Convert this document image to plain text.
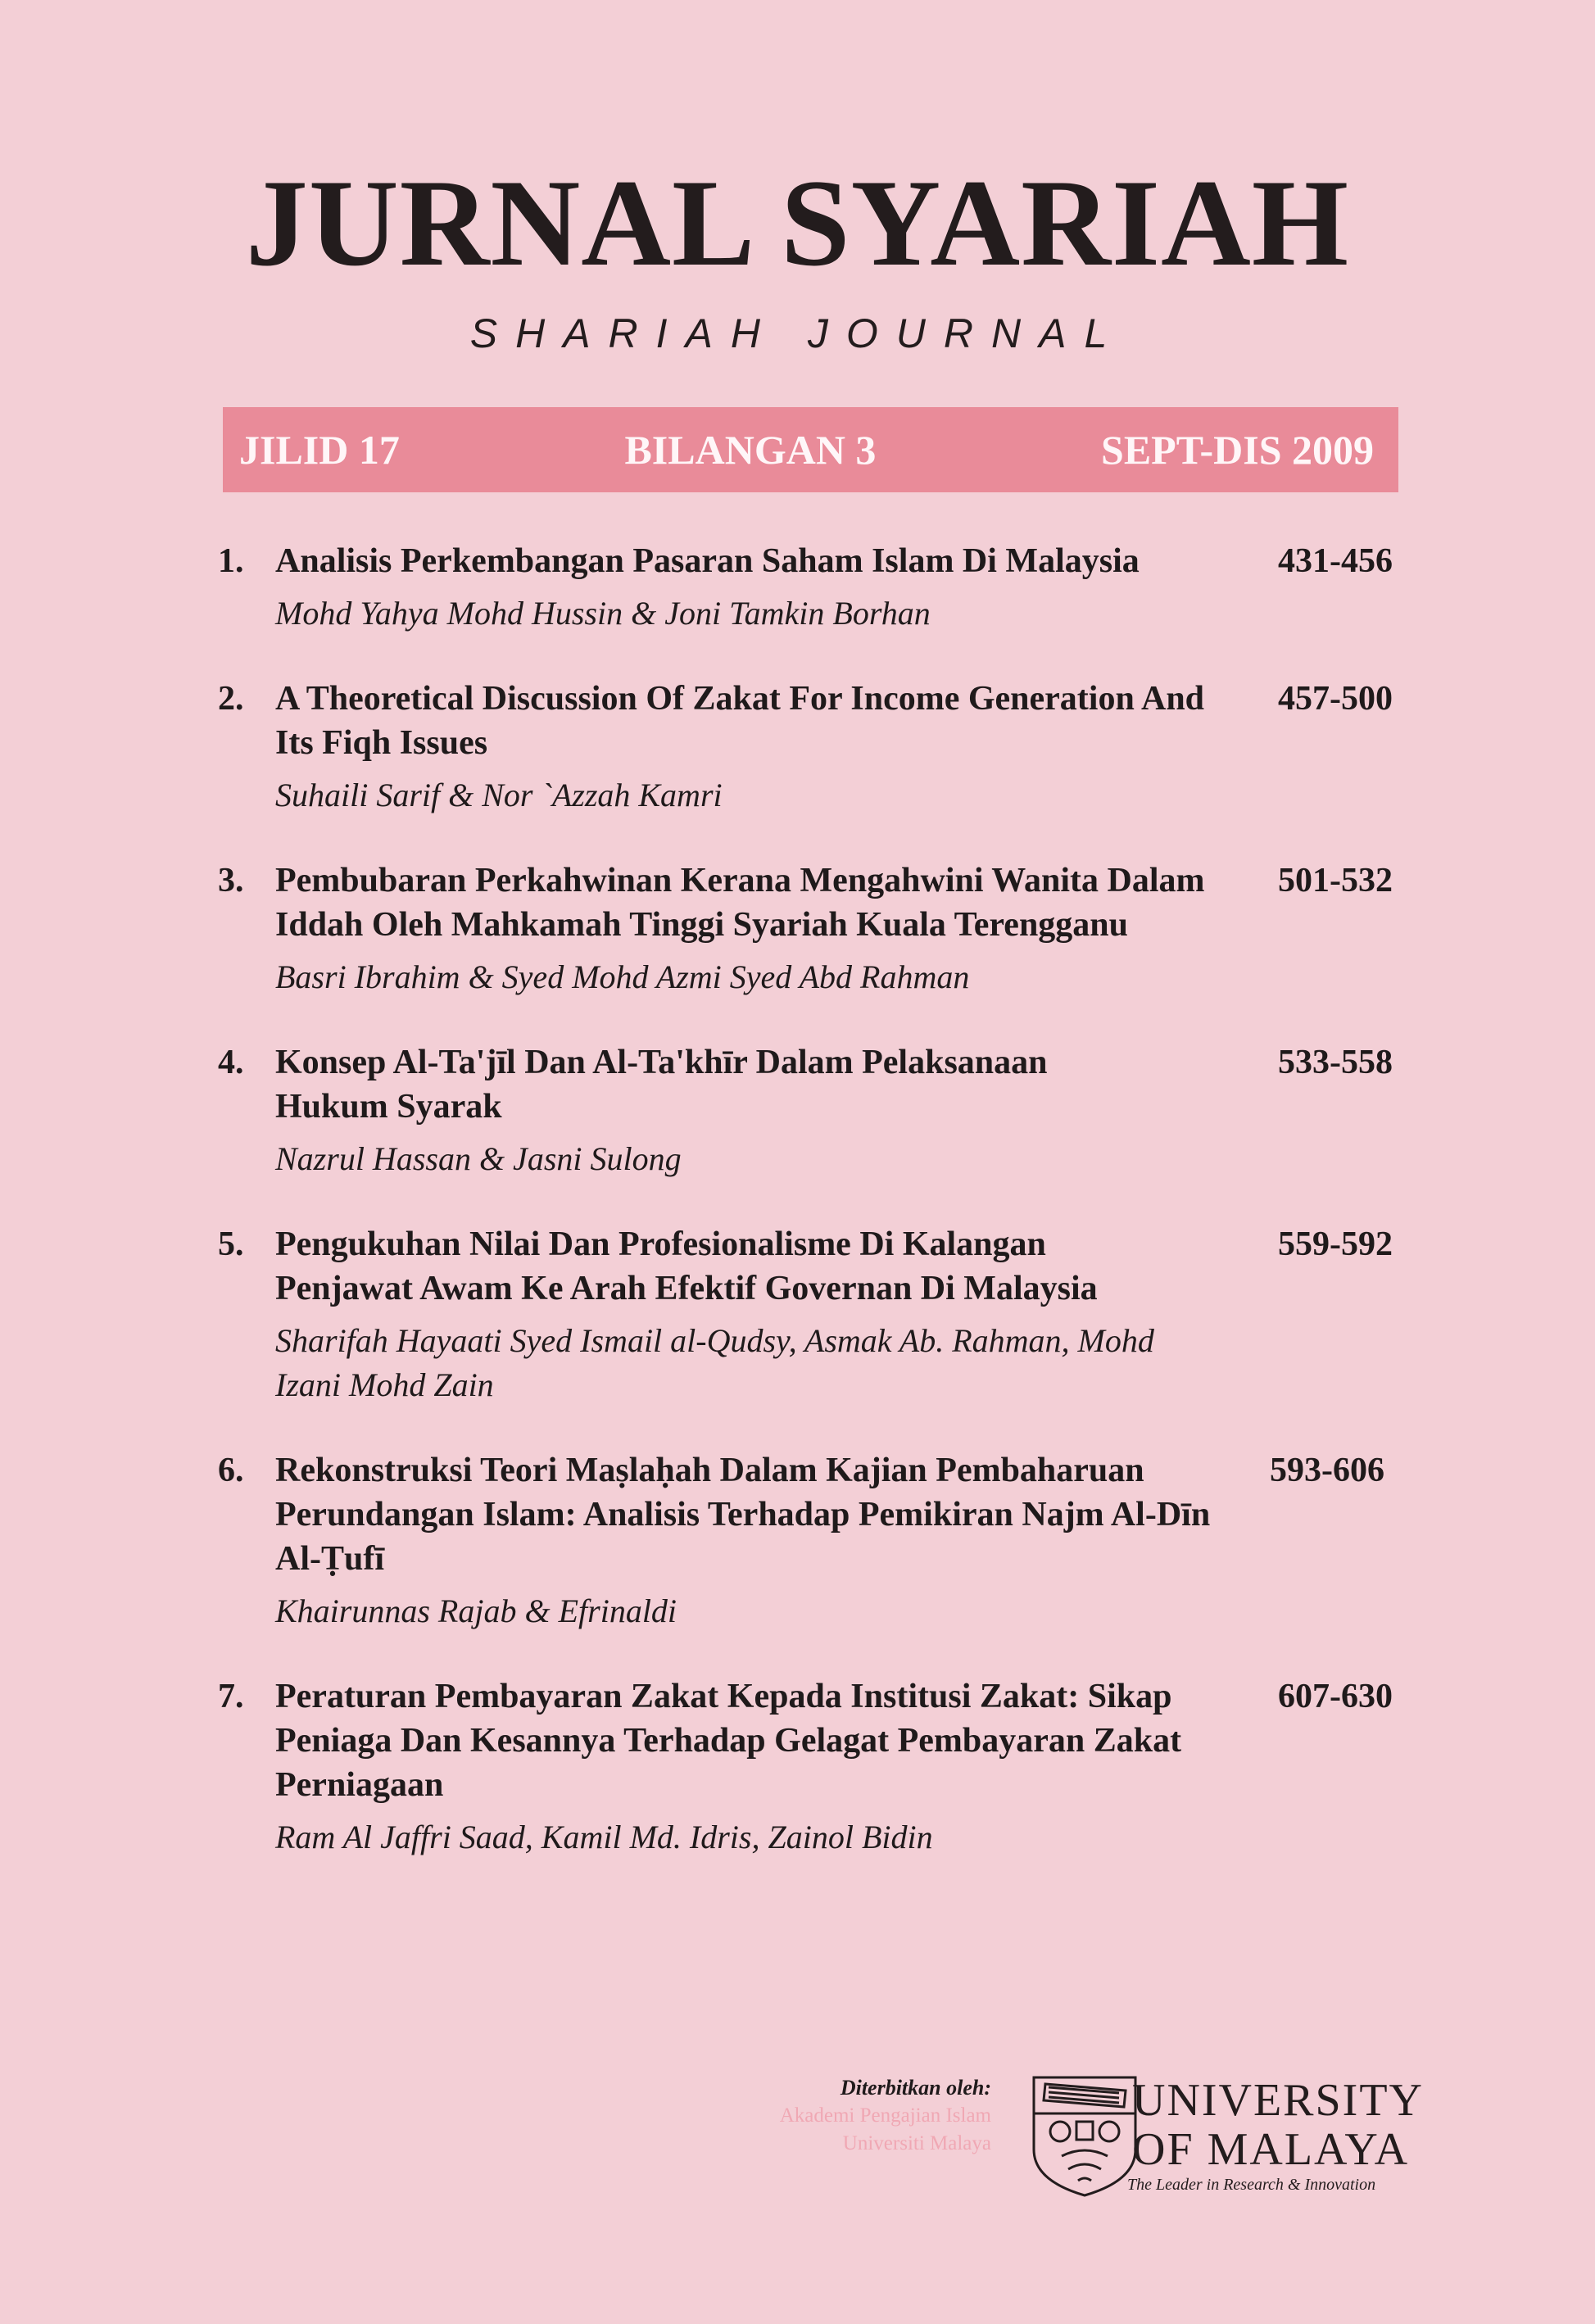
JURNAL SYARIAH
SHARIAH JOURNAL
JILID 17	BILANGAN 3	SEPT-DIS 2009
1. Analisis Perkembangan Pasaran Saham Islam Di Malaysia	431-456
Mohd Yahya Mohd Hussin & Joni Tamkin Borhan
2. A Theoretical Discussion Of Zakat For Income Generation And Its Fiqh Issues
457-500
Suhaili Sarif & Nor `Azzah Kamri
3. Pembubaran Perkahwinan Kerana Mengahwini Wanita Dalam Iddah Oleh Mahkamah Tinggi Syariah Kuala Terengganu
501-532
Basri Ibrahim & Syed Mohd Azmi Syed Abd Rahman
4. Konsep Al-Ta'jīl Dan Al-Ta'khīr Dalam Pelaksanaan Hukum Syarak
533-558
Nazrul Hassan & Jasni Sulong
5. Pengukuhan Nilai Dan Profesionalisme Di Kalangan Penjawat Awam Ke Arah Efektif Governan Di Malaysia
559-592
Sharifah Hayaati Syed Ismail al-Qudsy, Asmak Ab. Rahman, Mohd Izani Mohd Zain
6. Rekonstruksi Teori Maṣlaḥah Dalam Kajian Pembaharuan Perundangan Islam: Analisis Terhadap Pemikiran Najm Al-Dīn Al-Ṭufī
593-606
Khairunnas Rajab & Efrinaldi
7. Peraturan Pembayaran Zakat Kepada Institusi Zakat: Sikap Peniaga Dan Kesannya Terhadap Gelagat Pembayaran Zakat Perniagaan
607-630
Ram Al Jaffri Saad, Kamil Md. Idris, Zainol Bidin
Diterbitkan oleh:
Akademi Pengajian Islam
Universiti Malaya
UNIVERSITY
OF MALAYA
The Leader in Research & Innovation
